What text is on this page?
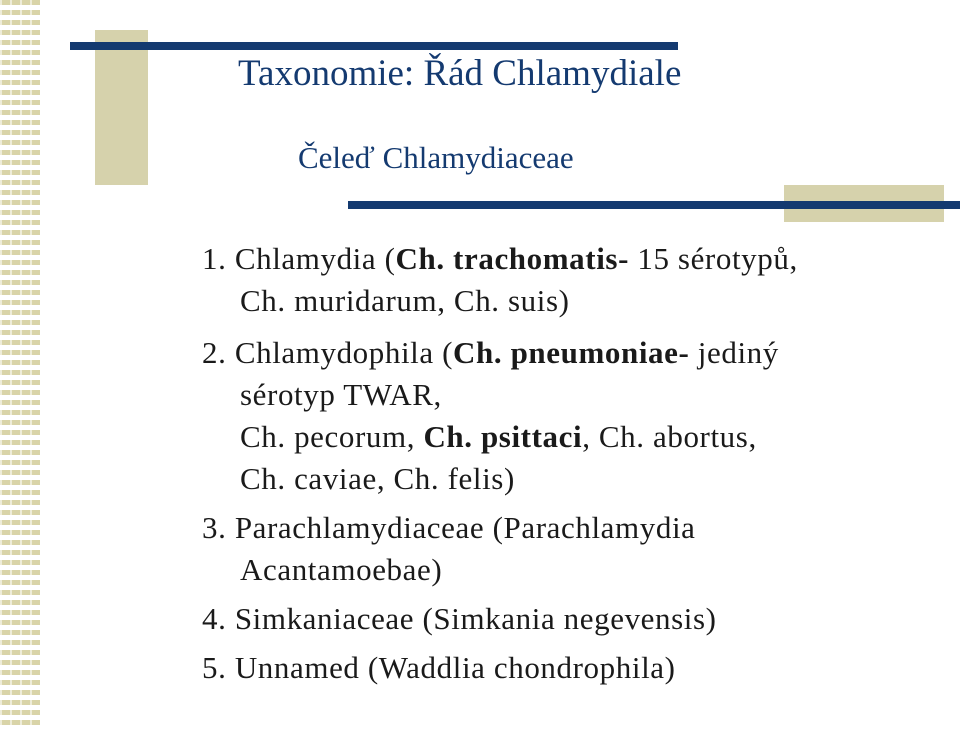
Taxonomie: Řád Chlamydiale
Čeleď Chlamydiaceae
1. Chlamydia (Ch. trachomatis- 15 sérotypů,
Ch. muridarum, Ch. suis)
2. Chlamydophila (Ch. pneumoniae- jediný
sérotyp TWAR,
Ch. pecorum, Ch. psittaci, Ch. abortus,
Ch. caviae, Ch. felis)
3. Parachlamydiaceae (Parachlamydia
Acantamoebae)
4. Simkaniaceae (Simkania negevensis)
5. Unnamed (Waddlia chondrophila)
